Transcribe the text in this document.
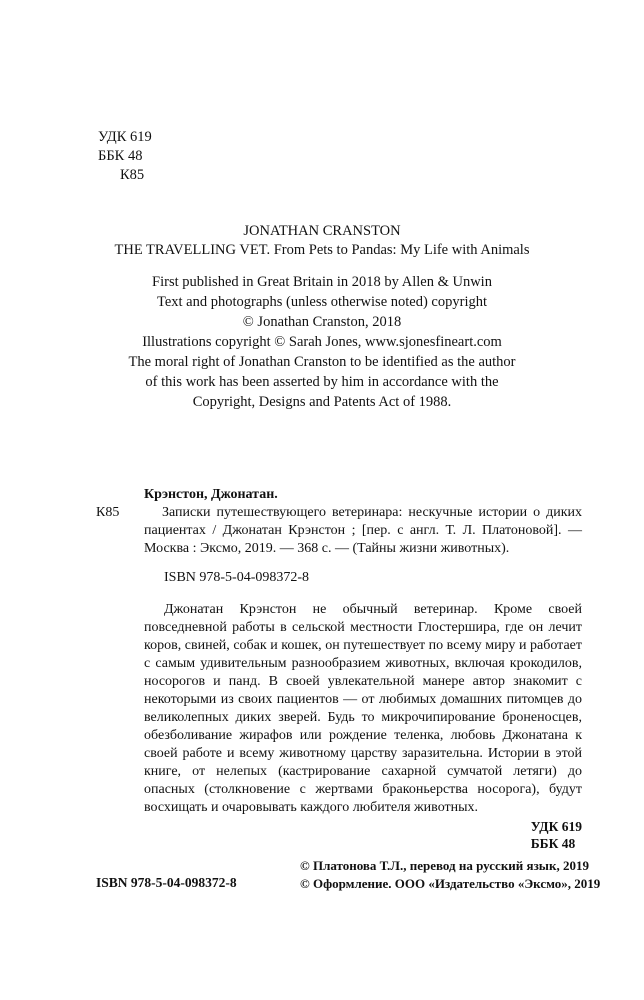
УДК 619
ББК 48
К85
JONATHAN CRANSTON
THE TRAVELLING VET. From Pets to Pandas: My Life with Animals
First published in Great Britain in 2018 by Allen & Unwin
Text and photographs (unless otherwise noted) copyright
© Jonathan Cranston, 2018
Illustrations copyright © Sarah Jones, www.sjonesfineart.com
The moral right of Jonathan Cranston to be identified as the author
of this work has been asserted by him in accordance with the
Copyright, Designs and Patents Act of 1988.
Крэнстон, Джонатан.
К85	Записки путешествующего ветеринара: нескучные истории о диких пациентах / Джонатан Крэнстон ; [пер. с англ. Т. Л. Платоновой]. — Москва : Эксмо, 2019. — 368 с. — (Тайны жизни животных).
ISBN 978-5-04-098372-8
Джонатан Крэнстон не обычный ветеринар. Кроме своей повседневной работы в сельской местности Глостершира, где он лечит коров, свиней, собак и кошек, он путешествует по всему миру и работает с самым удивительным разнообразием животных, включая крокодилов, носорогов и панд. В своей увлекательной манере автор знакомит с некоторыми из своих пациентов — от любимых домашних питомцев до великолепных диких зверей. Будь то микрочипирование броненосцев, обезболивание жирафов или рождение теленка, любовь Джонатана к своей работе и всему животному царству заразительна. Истории в этой книге, от нелепых (кастрирование сахарной сумчатой летяги) до опасных (столкновение с жертвами браконьерства носорога), будут восхищать и очаровывать каждого любителя животных.
УДК 619
ББК 48
ISBN 978-5-04-098372-8
© Платонова Т.Л., перевод на русский язык, 2019
© Оформление. ООО «Издательство «Эксмо», 2019
